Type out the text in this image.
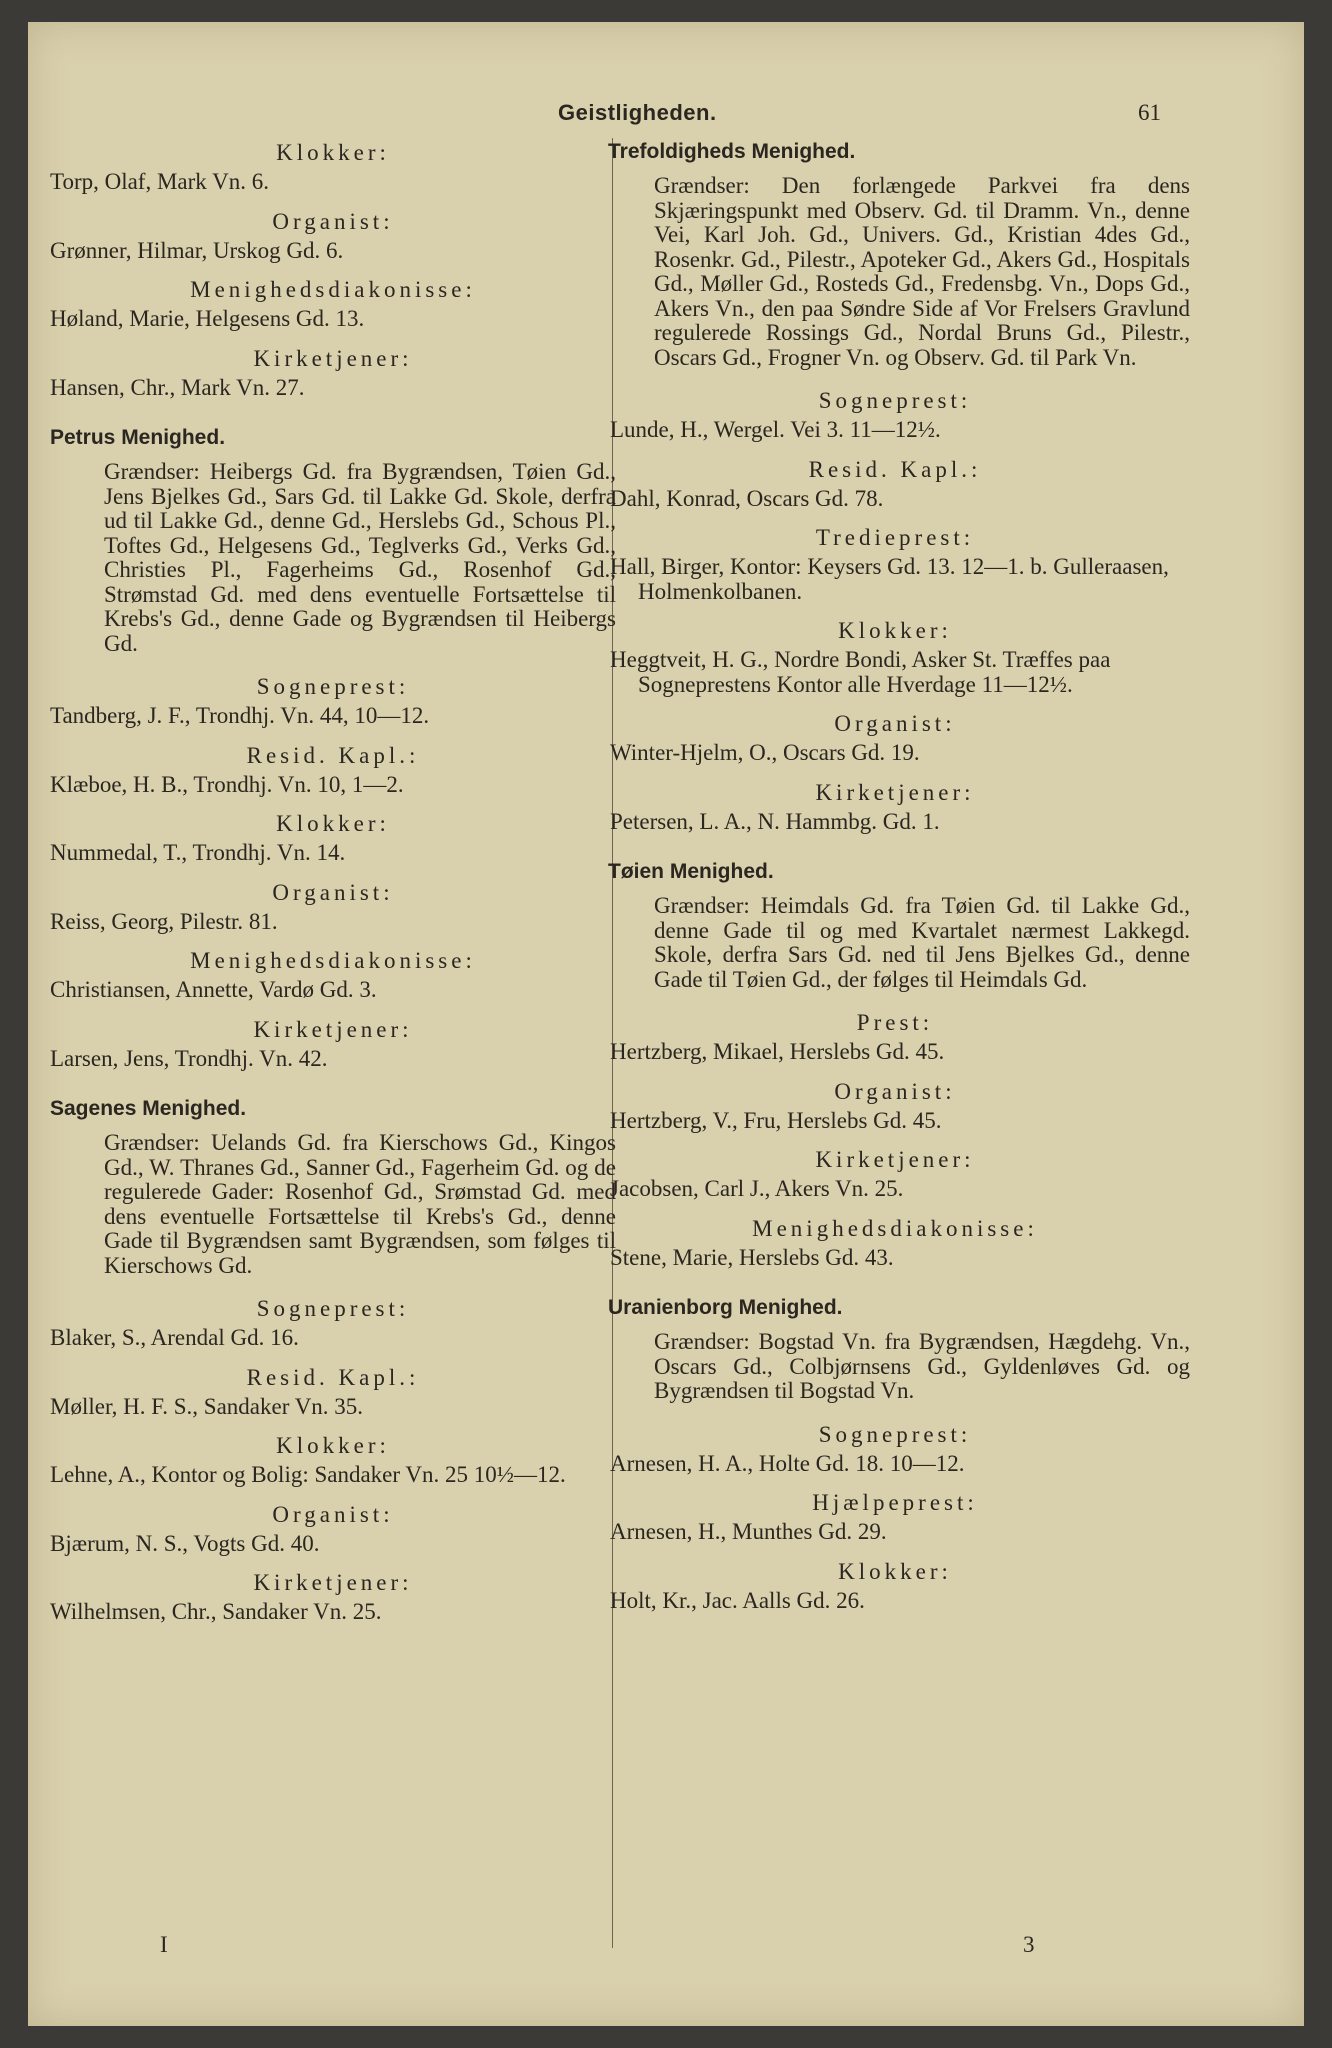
Geistligheden.	61
Klokker:
Torp, Olaf, Mark Vn. 6.
Organist:
Grønner, Hilmar, Urskog Gd. 6.
Menighedsdiakonisse:
Høland, Marie, Helgesens Gd. 13.
Kirketjener:
Hansen, Chr., Mark Vn. 27.
Petrus Menighed.
Grændser: Heibergs Gd. fra Bygrændsen, Tøien Gd., Jens Bjelkes Gd., Sars Gd. til Lakke Gd. Skole, derfra ud til Lakke Gd., denne Gd., Herslebs Gd., Schous Pl., Toftes Gd., Helgesens Gd., Teglverks Gd., Verks Gd., Christies Pl., Fagerheims Gd., Rosenhof Gd., Strømstad Gd. med dens eventuelle Fortsættelse til Krebs's Gd., denne Gade og Bygrændsen til Heibergs Gd.
Sogneprest:
Tandberg, J. F., Trondhj. Vn. 44, 10—12.
Resid. Kapl.:
Klæboe, H. B., Trondhj. Vn. 10, 1—2.
Klokker:
Nummedal, T., Trondhj. Vn. 14.
Organist:
Reiss, Georg, Pilestr. 81.
Menighedsdiakonisse:
Christiansen, Annette, Vardø Gd. 3.
Kirketjener:
Larsen, Jens, Trondhj. Vn. 42.
Sagenes Menighed.
Grændser: Uelands Gd. fra Kierschows Gd., Kingos Gd., W. Thranes Gd., Sanner Gd., Fagerheim Gd. og de regulerede Gader: Rosenhof Gd., Srømstad Gd. med dens eventuelle Fortsættelse til Krebs's Gd., denne Gade til Bygrændsen samt Bygrændsen, som følges til Kierschows Gd.
Sogneprest:
Blaker, S., Arendal Gd. 16.
Resid. Kapl.:
Møller, H. F. S., Sandaker Vn. 35.
Klokker:
Lehne, A., Kontor og Bolig: Sandaker Vn. 25 10½—12.
Organist:
Bjærum, N. S., Vogts Gd. 40.
Kirketjener:
Wilhelmsen, Chr., Sandaker Vn. 25.
Trefoldigheds Menighed.
Grændser: Den forlængede Parkvei fra dens Skjæringspunkt med Observ. Gd. til Dramm. Vn., denne Vei, Karl Joh. Gd., Univers. Gd., Kristian 4des Gd., Rosenkr. Gd., Pilestr., Apoteker Gd., Akers Gd., Hospitals Gd., Møller Gd., Rosteds Gd., Fredensbg. Vn., Dops Gd., Akers Vn., den paa Søndre Side af Vor Frelsers Gravlund regulerede Rossings Gd., Nordal Bruns Gd., Pilestr., Oscars Gd., Frogner Vn. og Observ. Gd. til Park Vn.
Sogneprest:
Lunde, H., Wergel. Vei 3. 11—12½.
Resid. Kapl.:
Dahl, Konrad, Oscars Gd. 78.
Tredieprest:
Hall, Birger, Kontor: Keysers Gd. 13. 12—1. b. Gulleraasen, Holmenkolbanen.
Klokker:
Heggtveit, H. G., Nordre Bondi, Asker St. Træffes paa Sogneprestens Kontor alle Hverdage 11—12½.
Organist:
Winter-Hjelm, O., Oscars Gd. 19.
Kirketjener:
Petersen, L. A., N. Hammbg. Gd. 1.
Tøien Menighed.
Grændser: Heimdals Gd. fra Tøien Gd. til Lakke Gd., denne Gade til og med Kvartalet nærmest Lakkegd. Skole, derfra Sars Gd. ned til Jens Bjelkes Gd., denne Gade til Tøien Gd., der følges til Heimdals Gd.
Prest:
Hertzberg, Mikael, Herslebs Gd. 45.
Organist:
Hertzberg, V., Fru, Herslebs Gd. 45.
Kirketjener:
Jacobsen, Carl J., Akers Vn. 25.
Menighedsdiakonisse:
Stene, Marie, Herslebs Gd. 43.
Uranienborg Menighed.
Grændser: Bogstad Vn. fra Bygrændsen, Hægdehg. Vn., Oscars Gd., Colbjørnsens Gd., Gyldenløves Gd. og Bygrændsen til Bogstad Vn.
Sogneprest:
Arnesen, H. A., Holte Gd. 18. 10—12.
Hjælpeprest:
Arnesen, H., Munthes Gd. 29.
Klokker:
Holt, Kr., Jac. Aalls Gd. 26.
I	3
